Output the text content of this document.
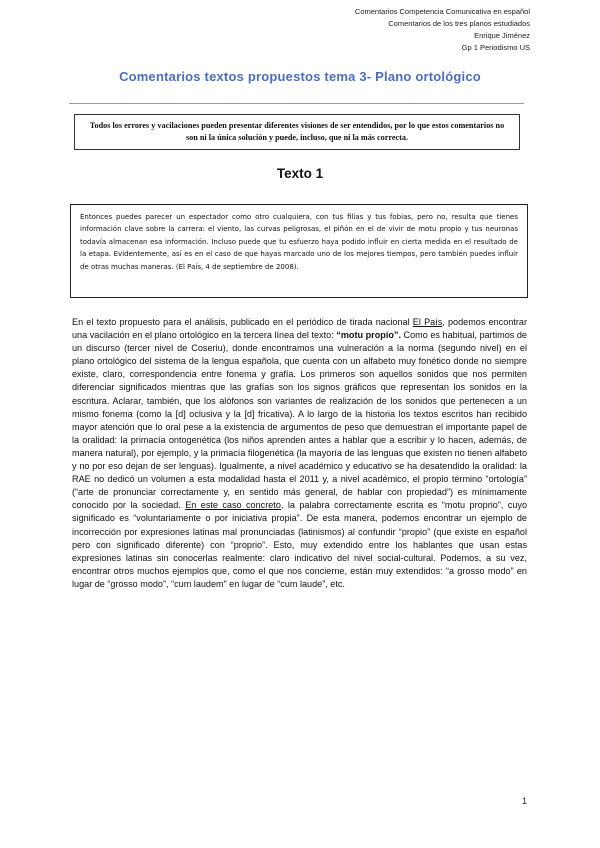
Comentarios Competencia Comunicativa en español
Comentarios de los tres planos estudiados
Enrique Jiménez
Gp 1 Periodismo US
Comentarios textos propuestos tema 3- Plano ortológico
Todos los errores y vacilaciones pueden presentar diferentes visiones de ser entendidos, por lo que estos comentarios no son ni la única solución y puede, incluso, que ni la más correcta.
Texto 1

Entonces puedes parecer un espectador como otro cualquiera, con tus filias y tus fobias, pero no, resulta que tienes información clave sobre la carrera: el viento, las curvas peligrosas, el piñón en el de vivir de motu propio y tus neuronas todavía almacenan esa información. Incluso puede que tu esfuerzo haya podido influir en cierta medida en el resultado de la etapa. Evidentemente, así es en el caso de que hayas marcado uno de los mejores tiempos, pero también puedes influir de otras muchas maneras. (El País, 4 de septiembre de 2008).

En el texto propuesto para el análisis, publicado en el periódico de tirada nacional El País, podemos encontrar una vacilación en el plano ortológico en la tercera línea del texto: “motu propio”. Como es habitual, partimos de un discurso (tercer nivel de Coseriu), donde encontramos una vulneración a la norma (segundo nivel) en el plano ortológico del sistema de la lengua española, que cuenta con un alfabeto muy fonético donde no siempre existe, claro, correspondencia entre fonema y grafía. Los primeros son aquellos sonidos que nos permiten diferenciar significados mientras que las grafías son los signos gráficos que representan los sonidos en la escritura. Aclarar, también, que los alófonos son variantes de realización de los sonidos que pertenecen a un mismo fonema (como la [d] oclusiva y la [d] fricativa). A lo largo de la historia los textos escritos han recibido mayor atención que lo oral pese a la existencia de argumentos de peso que demuestran el importante papel de la oralidad: la primacía ontogenética (los niños aprenden antes a hablar que a escribir y lo hacen, además, de manera natural), por ejemplo, y la primacía filogenética (la mayoría de las lenguas que existen no tienen alfabeto y no por eso dejan de ser lenguas). Igualmente, a nivel académico y educativo se ha desatendido la oralidad: la RAE no dedicó un volumen a esta modalidad hasta el 2011 y, a nivel académico, el propio término “ortología” (“arte de pronunciar correctamente y, en sentido más general, de hablar con propiedad”) es mínimamente conocido por la sociedad. En este caso concreto, la palabra correctamente escrita es “motu proprio”, cuyo significado es “voluntariamente o por iniciativa propia”. De esta manera, podemos encontrar un ejemplo de incorrección por expresiones latinas mal pronunciadas (latinismos) al confundir “propio” (que existe en español pero con significado diferente) con “proprio”. Esto, muy extendido entre los hablantes que usan estas expresiones latinas sin conocerlas realmente: claro indicativo del nivel social-cultural. Podemos, a su vez, encontrar otros muchos ejemplos que, como el que nos concierne, están muy extendidos: “a grosso modo” en lugar de “grosso modo”, “cum laudem” en lugar de “cum laude”, etc.

1
